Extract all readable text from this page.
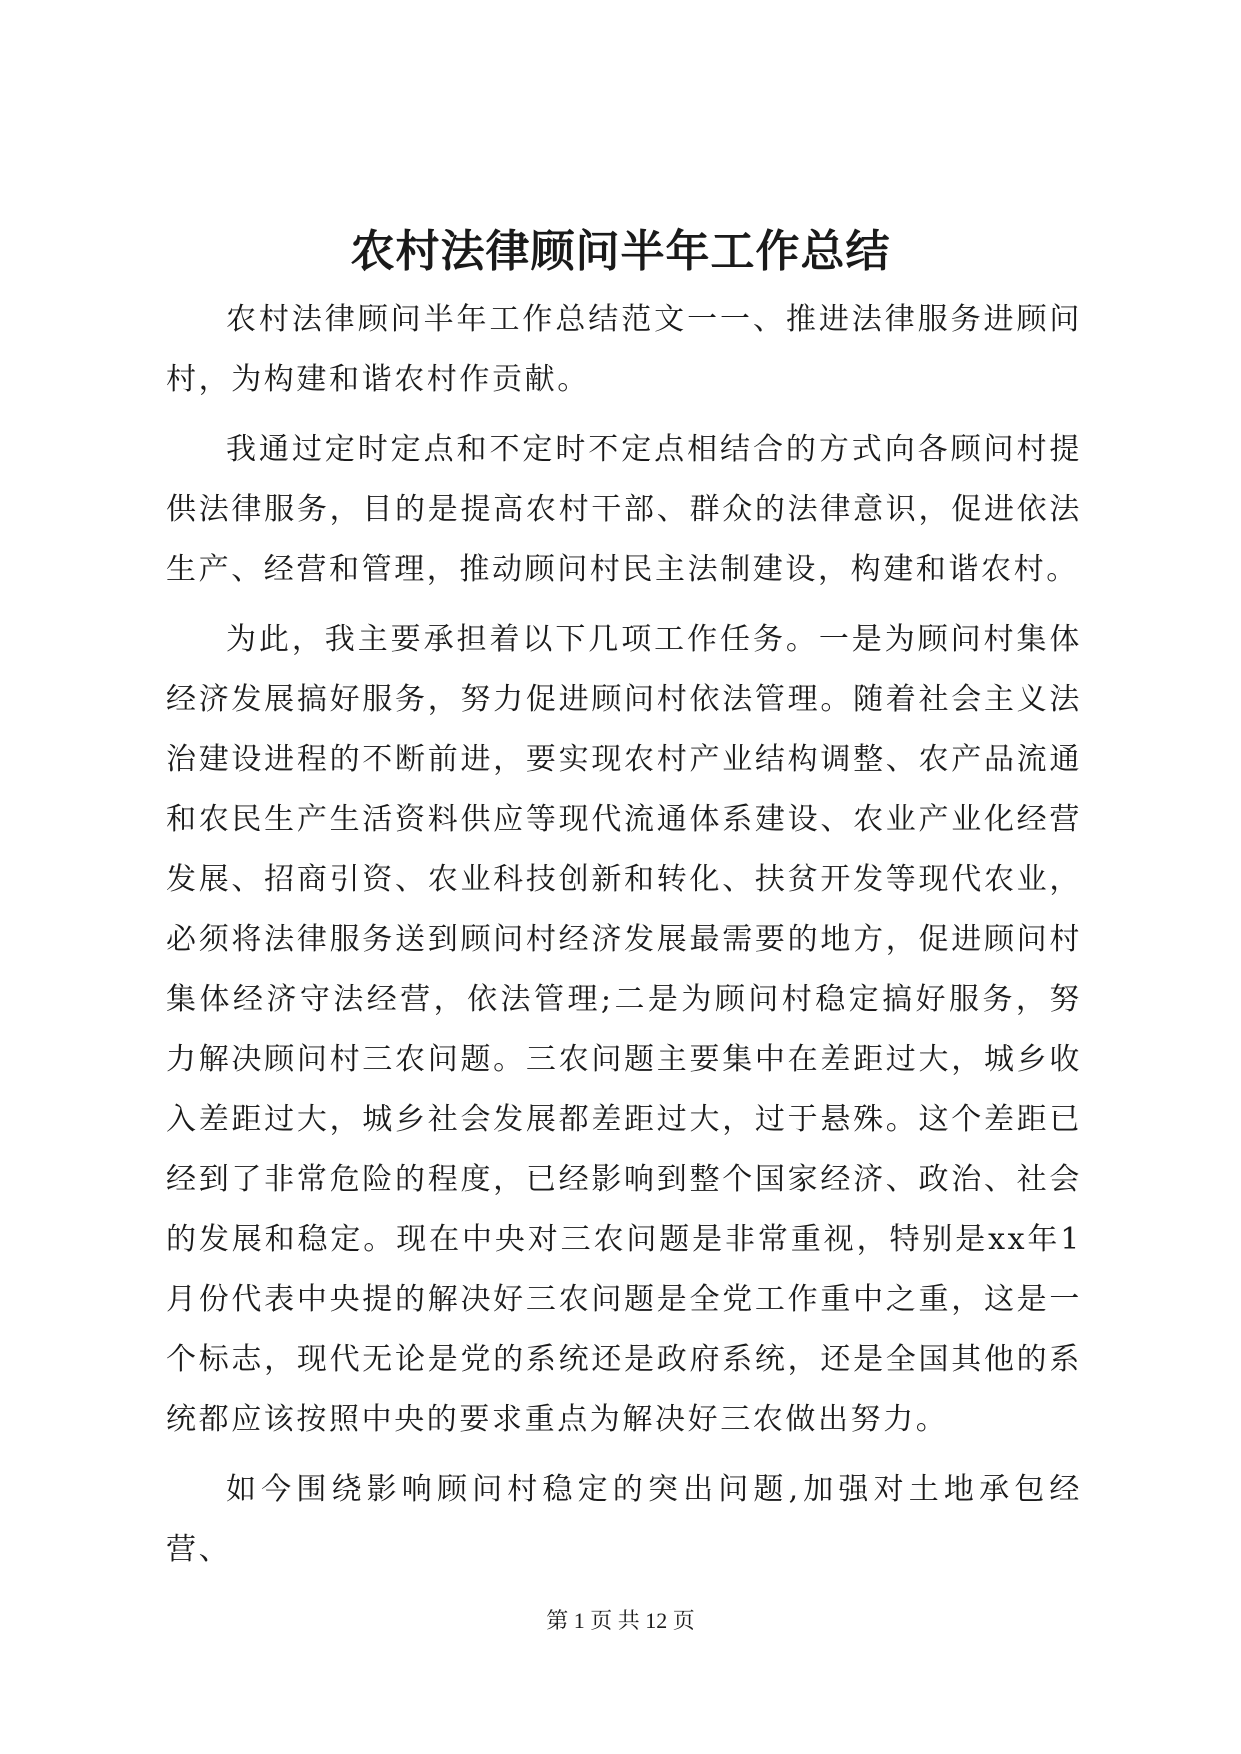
农村法律顾问半年工作总结

农村法律顾问半年工作总结范文一一、推进法律服务进顾问村，为构建和谐农村作贡献。

我通过定时定点和不定时不定点相结合的方式向各顾问村提供法律服务，目的是提高农村干部、群众的法律意识，促进依法生产、经营和管理，推动顾问村民主法制建设，构建和谐农村。

为此，我主要承担着以下几项工作任务。一是为顾问村集体经济发展搞好服务，努力促进顾问村依法管理。随着社会主义法治建设进程的不断前进，要实现农村产业结构调整、农产品流通和农民生产生活资料供应等现代流通体系建设、农业产业化经营发展、招商引资、农业科技创新和转化、扶贫开发等现代农业，必须将法律服务送到顾问村经济发展最需要的地方，促进顾问村集体经济守法经营，依法管理;二是为顾问村稳定搞好服务，努力解决顾问村三农问题。三农问题主要集中在差距过大，城乡收入差距过大，城乡社会发展都差距过大，过于悬殊。这个差距已经到了非常危险的程度，已经影响到整个国家经济、政治、社会的发展和稳定。现在中央对三农问题是非常重视，特别是xx年1月份代表中央提的解决好三农问题是全党工作重中之重，这是一个标志，现代无论是党的系统还是政府系统，还是全国其他的系统都应该按照中央的要求重点为解决好三农做出努力。

如今围绕影响顾问村稳定的突出问题,加强对土地承包经营、

第 1 页 共 12 页
